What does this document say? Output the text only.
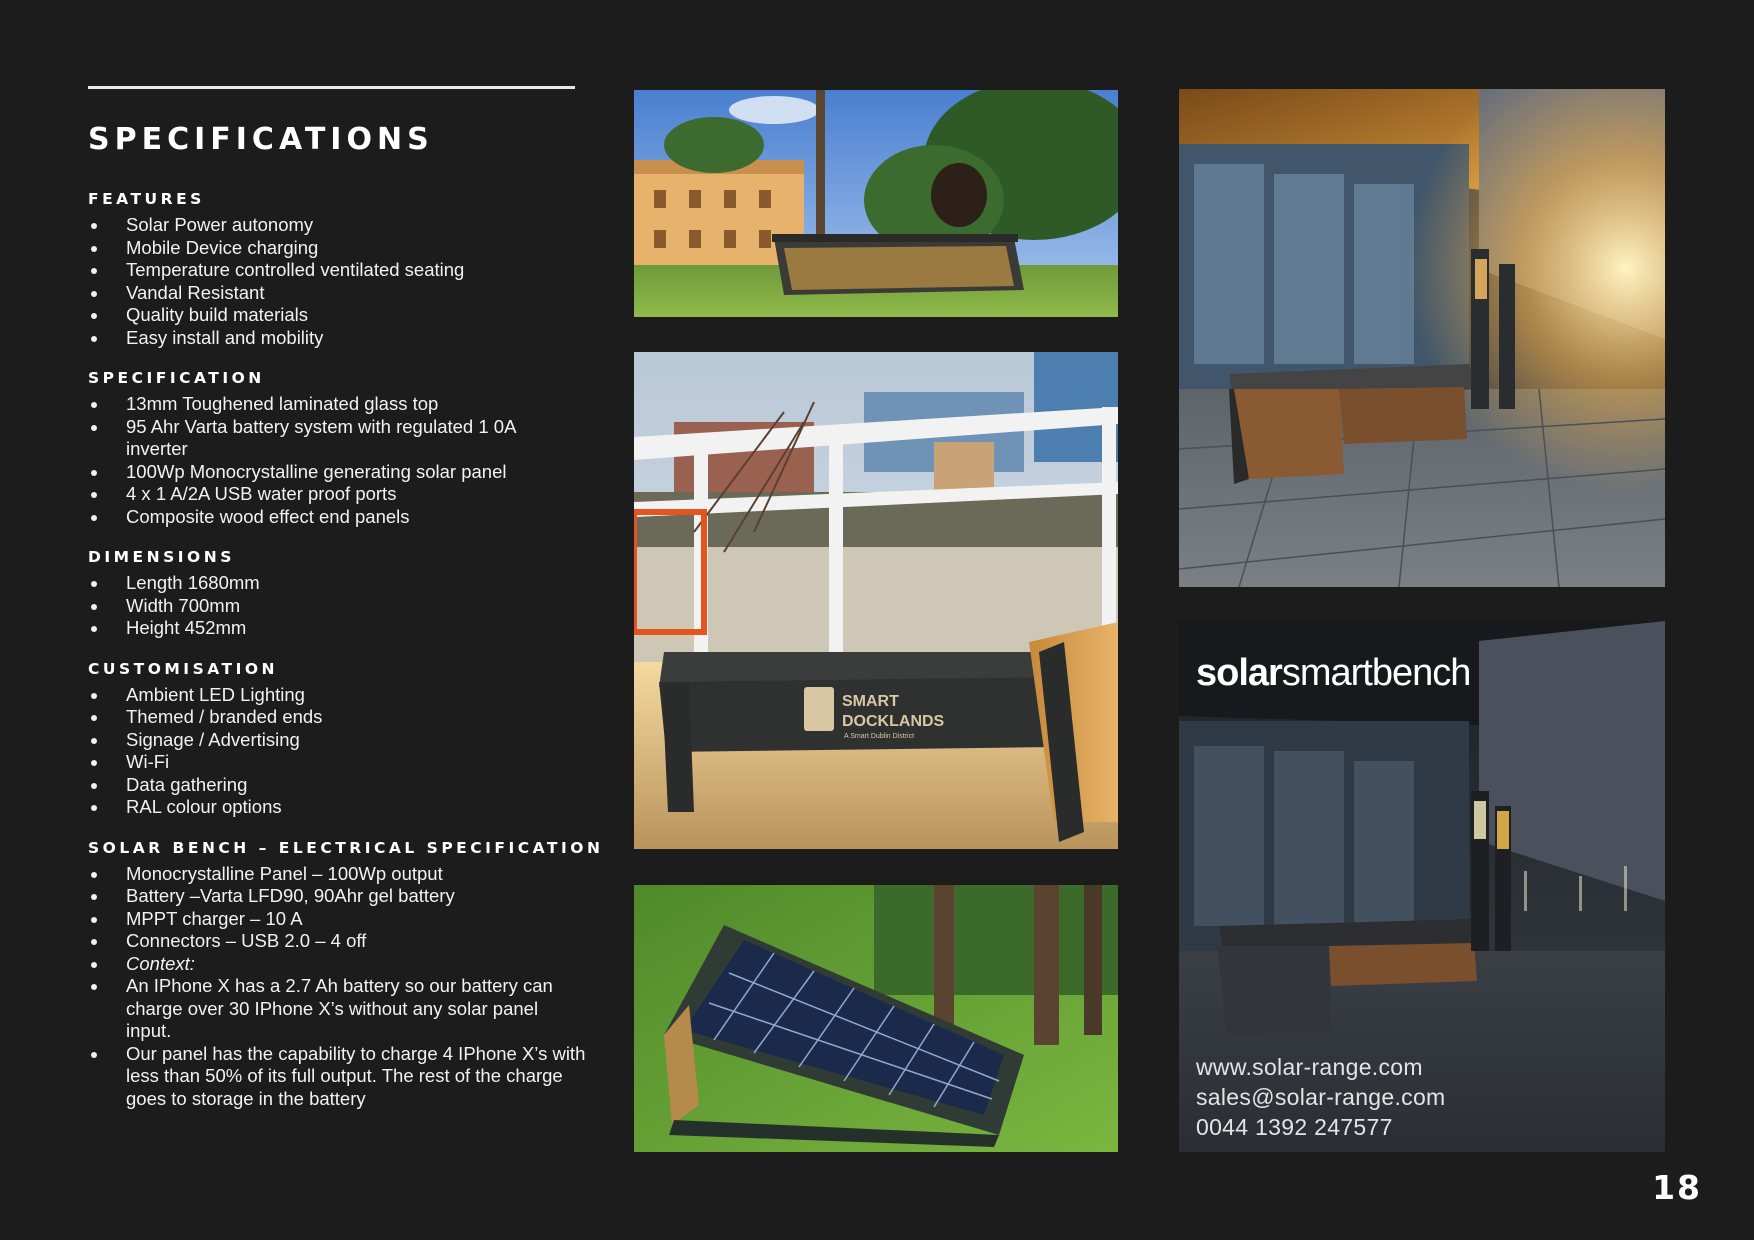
SPECIFICATIONS
FEATURES
Solar Power autonomy
Mobile Device charging
Temperature controlled ventilated seating
Vandal Resistant
Quality build materials
Easy install and mobility
SPECIFICATION
13mm Toughened laminated glass top
95 Ahr Varta battery system with regulated 1 0A inverter
100Wp Monocrystalline generating solar panel
4 x 1 A/2A USB water proof ports
Composite wood effect end panels
DIMENSIONS
Length 1680mm
Width 700mm
Height 452mm
CUSTOMISATION
Ambient LED Lighting
Themed / branded ends
Signage / Advertising
Wi-Fi
Data gathering
RAL colour options
SOLAR BENCH – ELECTRICAL SPECIFICATION
Monocrystalline Panel – 100Wp output
Battery –Varta LFD90, 90Ahr gel battery
MPPT charger – 10 A
Connectors – USB 2.0 – 4 off
Context:
An IPhone X has a 2.7 Ah battery so our battery can charge over 30 IPhone X’s without any solar panel input.
Our panel has the capability to charge 4 IPhone X’s with less than 50% of its full output. The rest of the charge goes to storage in the battery
SMART
DOCKLANDS
A Smart Dublin District
solarsmartbench
www.solar-range.com
sales@solar-range.com
0044 1392 247577
18
